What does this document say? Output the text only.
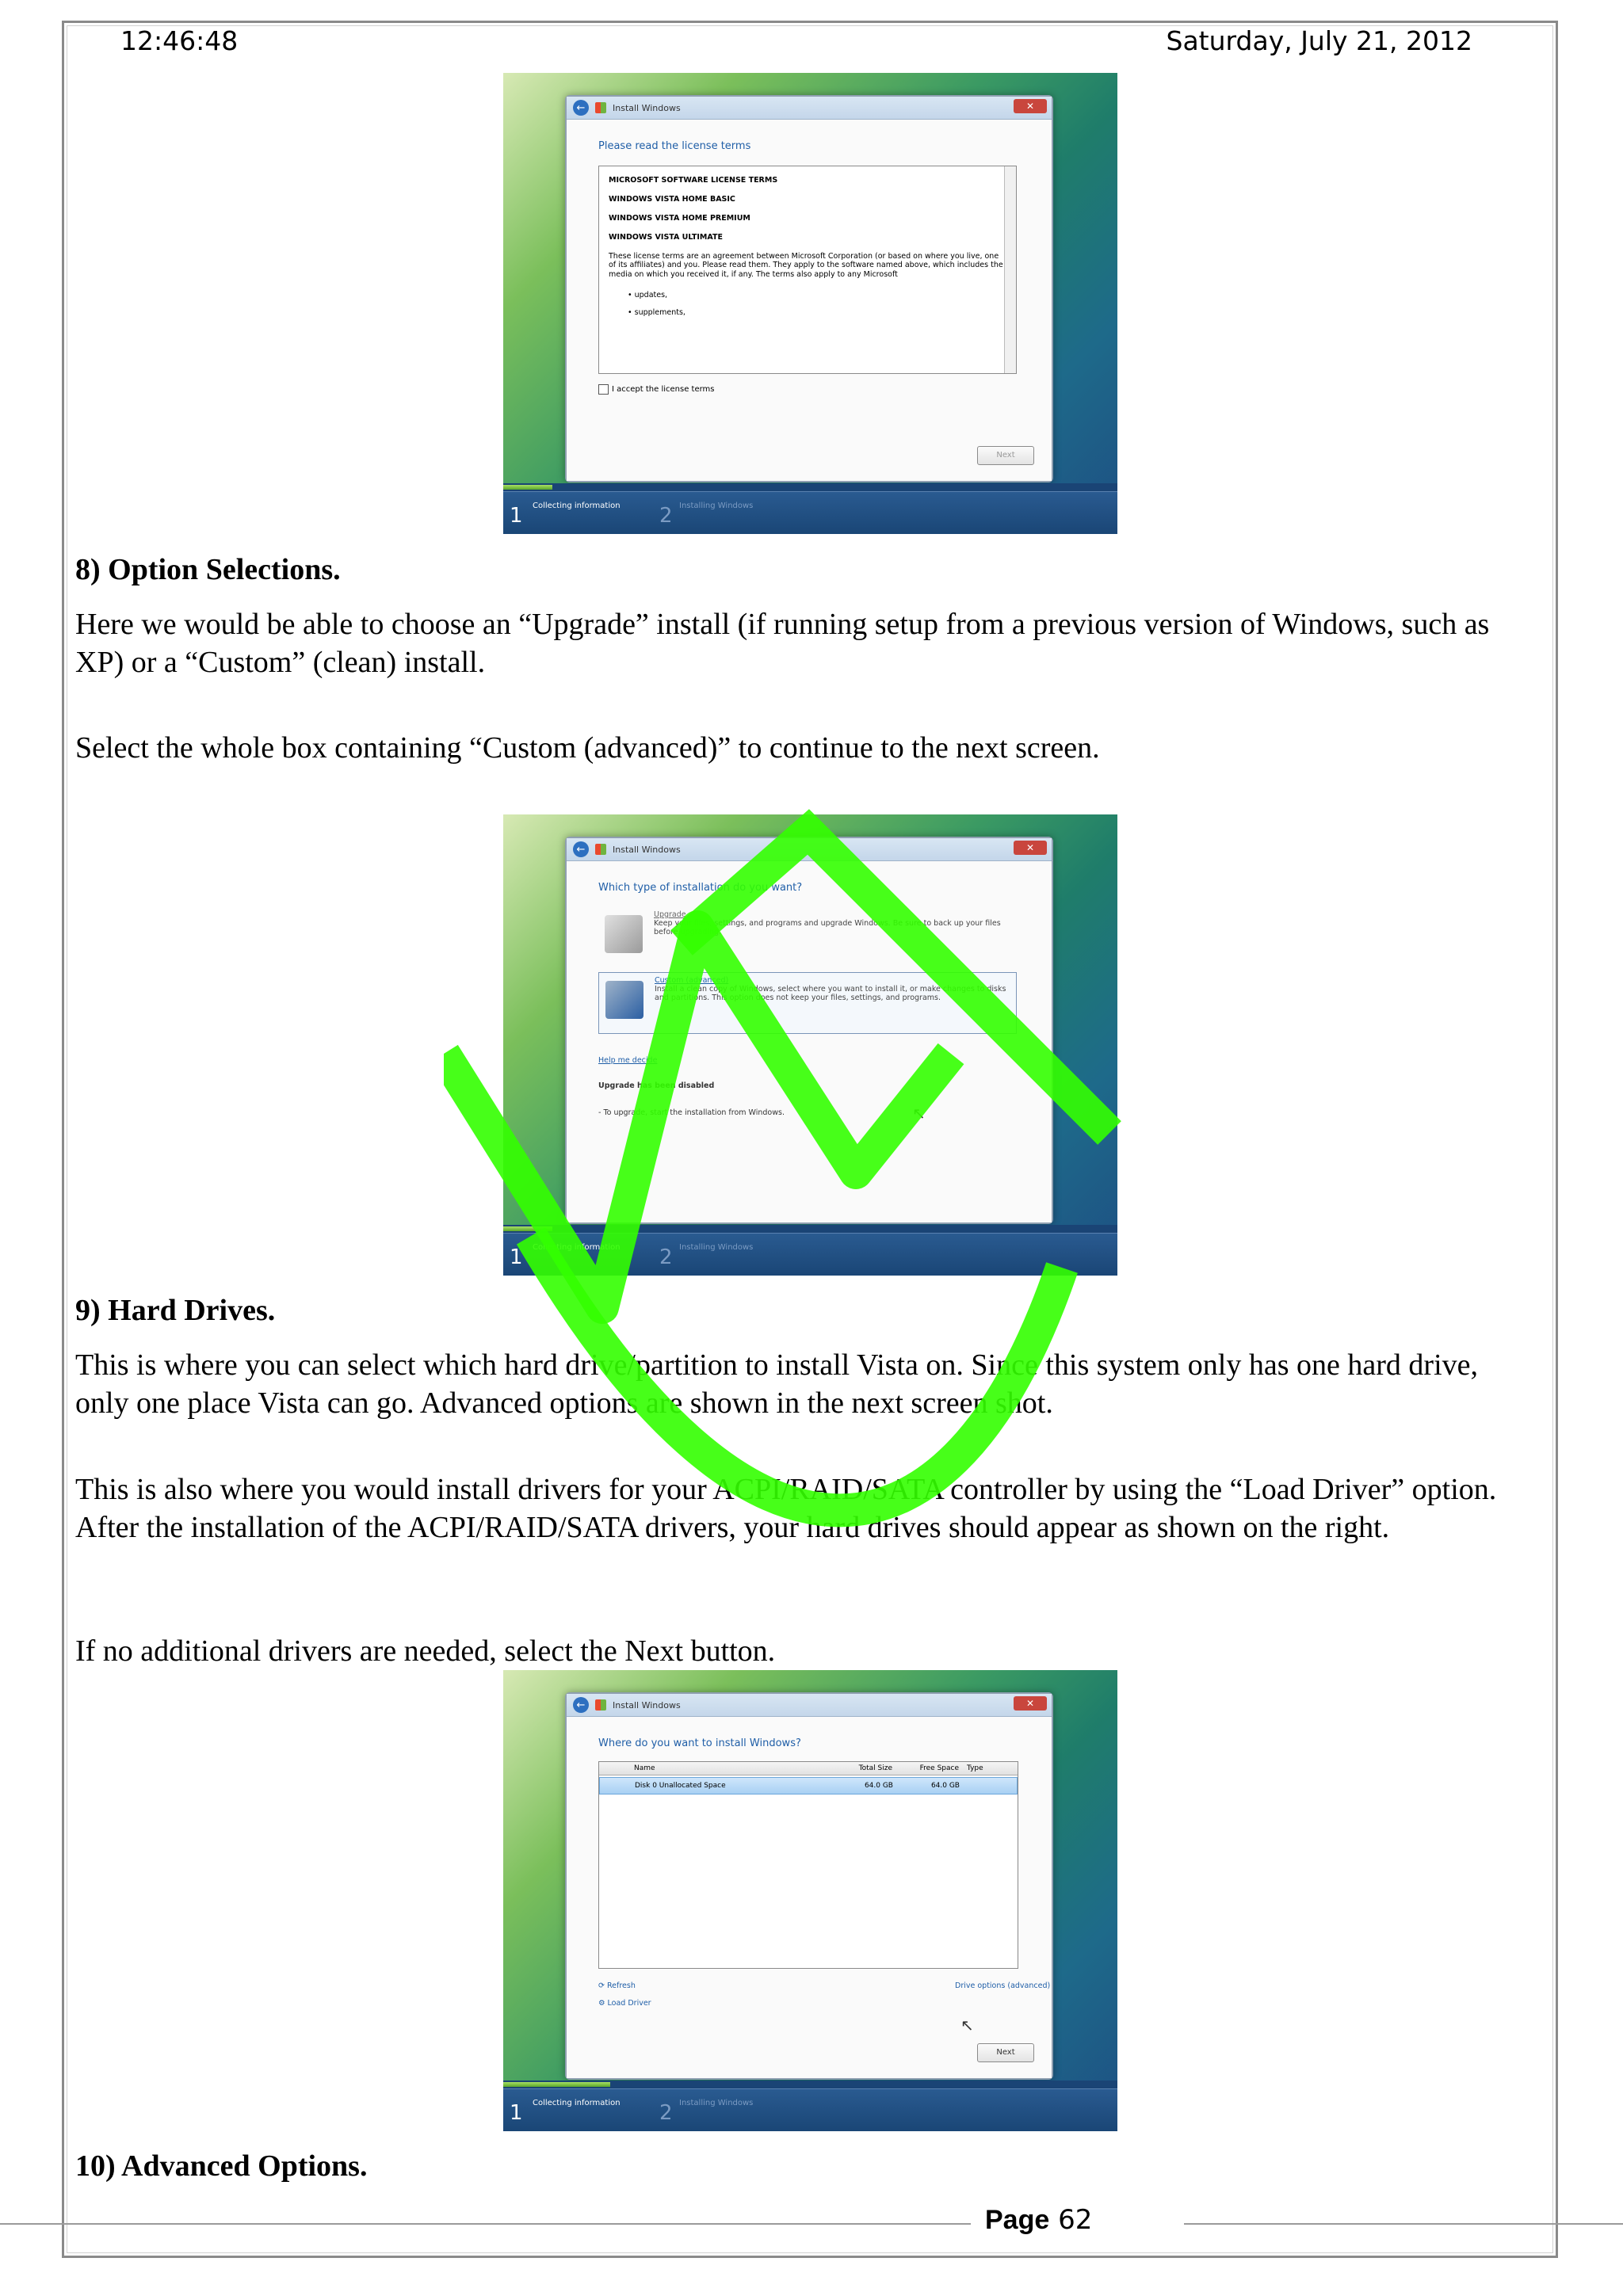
12:46:48	Saturday, July 21, 2012
←	Install Windows	✕
Please read the license terms
MICROSOFT SOFTWARE LICENSE TERMS
WINDOWS VISTA HOME BASIC
WINDOWS VISTA HOME PREMIUM
WINDOWS VISTA ULTIMATE
These license terms are an agreement between Microsoft Corporation (or based on where you live, one of its affiliates) and you. Please read them. They apply to the software named above, which includes the media on which you received it, if any. The terms also apply to any Microsoft
• updates,
• supplements,
I accept the license terms
Next
1 Collecting information 2 Installing Windows
8) Option Selections.
Here we would be able to choose an “Upgrade” install (if running setup from a previous version of Windows, such as XP) or a “Custom” (clean) install.
Select the whole box containing “Custom (advanced)” to continue to the next screen.
←	Install Windows	✕
Which type of installation do you want?
Upgrade
Keep your files, settings, and programs and upgrade Windows. Be sure to back up your files before upgrading.
Custom (advanced)
Install a clean copy of Windows, select where you want to install it, or make changes to disks and partitions. This option does not keep your files, settings, and programs.
Help me decide
Upgrade has been disabled
- To upgrade, start the installation from Windows.	↖
1 Collecting information 2 Installing Windows
9) Hard Drives.
This is where you can select which hard drive/partition to install Vista on. Since this system only has one hard drive, only one place Vista can go. Advanced options are shown in the next screen shot.
This is also where you would install drivers for your ACPI/RAID/SATA controller by using the “Load Driver” option. After the installation of the ACPI/RAID/SATA drivers, your hard drives should appear as shown on the right.
If no additional drivers are needed, select the Next button.
←	Install Windows	✕
Where do you want to install Windows?
Name	Total Size	Free Space	Type
Disk 0 Unallocated Space	64.0 GB	64.0 GB
⟳ Refresh
⚙ Load Driver
Drive options (advanced)
↖
Next
1 Collecting information 2 Installing Windows
10) Advanced Options.
Page 62
